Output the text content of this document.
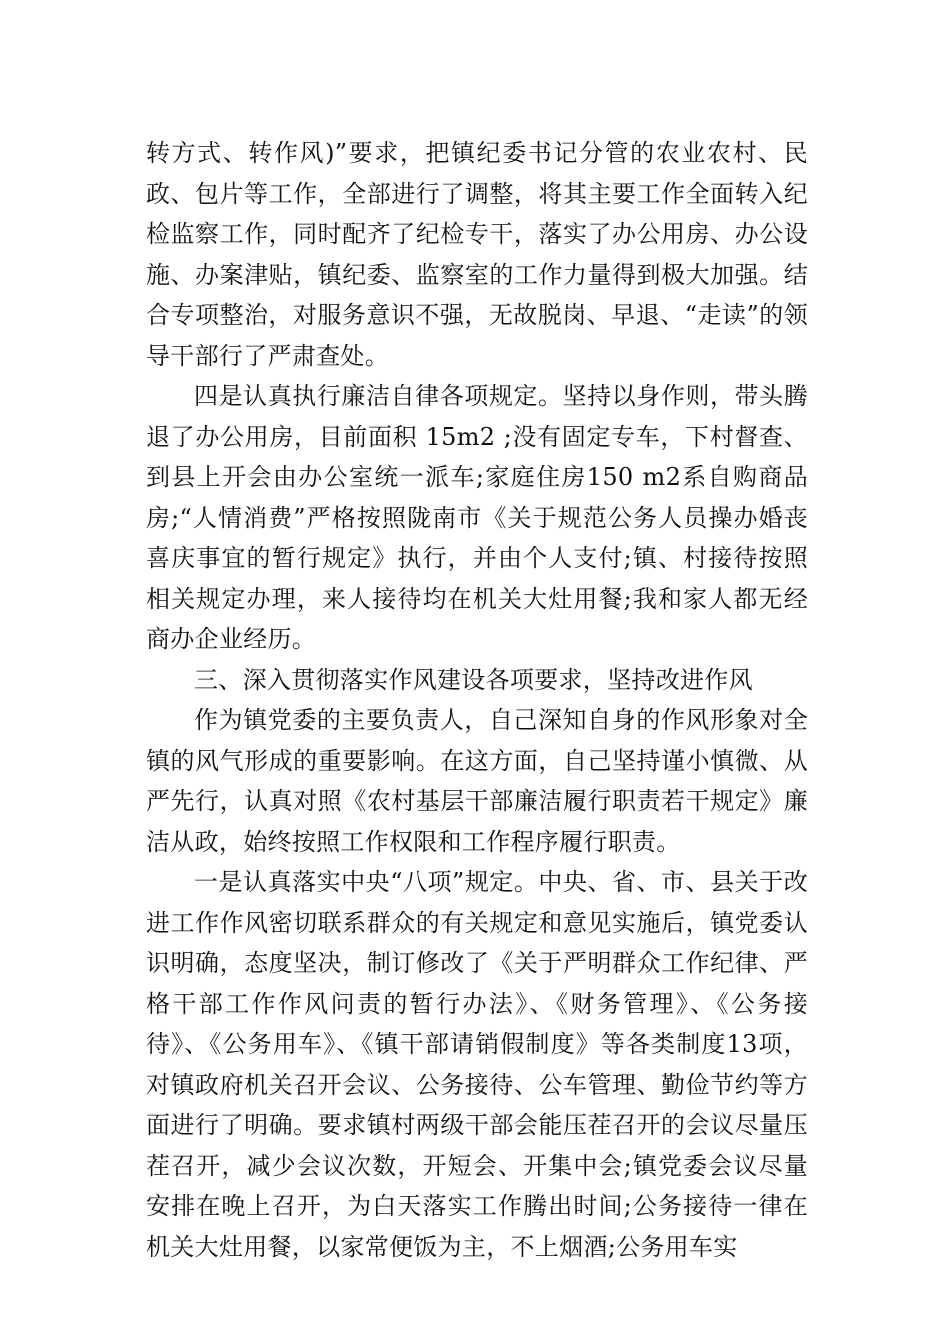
转方式、转作风)”要求，把镇纪委书记分管的农业农村、民政、包片等工作，全部进行了调整，将其主要工作全面转入纪检监察工作，同时配齐了纪检专干，落实了办公用房、办公设施、办案津贴，镇纪委、监察室的工作力量得到极大加强。结合专项整治，对服务意识不强，无故脱岗、早退、“走读”的领导干部行了严肃查处。

四是认真执行廉洁自律各项规定。坚持以身作则，带头腾退了办公用房，目前面积 15m2 ;没有固定专车，下村督查、到县上开会由办公室统一派车;家庭住房150 m2系自购商品房;“人情消费”严格按照陇南市《关于规范公务人员操办婚丧喜庆事宜的暂行规定》执行，并由个人支付;镇、村接待按照相关规定办理，来人接待均在机关大灶用餐;我和家人都无经商办企业经历。

三、深入贯彻落实作风建设各项要求，坚持改进作风

作为镇党委的主要负责人，自己深知自身的作风形象对全镇的风气形成的重要影响。在这方面，自己坚持谨小慎微、从严先行，认真对照《农村基层干部廉洁履行职责若干规定》廉洁从政，始终按照工作权限和工作程序履行职责。

一是认真落实中央“八项”规定。中央、省、市、县关于改进工作作风密切联系群众的有关规定和意见实施后，镇党委认识明确，态度坚决，制订修改了《关于严明群众工作纪律、严格干部工作作风问责的暂行办法》、《财务管理》、《公务接待》、《公务用车》、《镇干部请销假制度》等各类制度13项，对镇政府机关召开会议、公务接待、公车管理、勤俭节约等方面进行了明确。要求镇村两级干部会能压茬召开的会议尽量压茬召开，减少会议次数，开短会、开集中会;镇党委会议尽量安排在晚上召开，为白天落实工作腾出时间;公务接待一律在机关大灶用餐，以家常便饭为主，不上烟酒;公务用车实
